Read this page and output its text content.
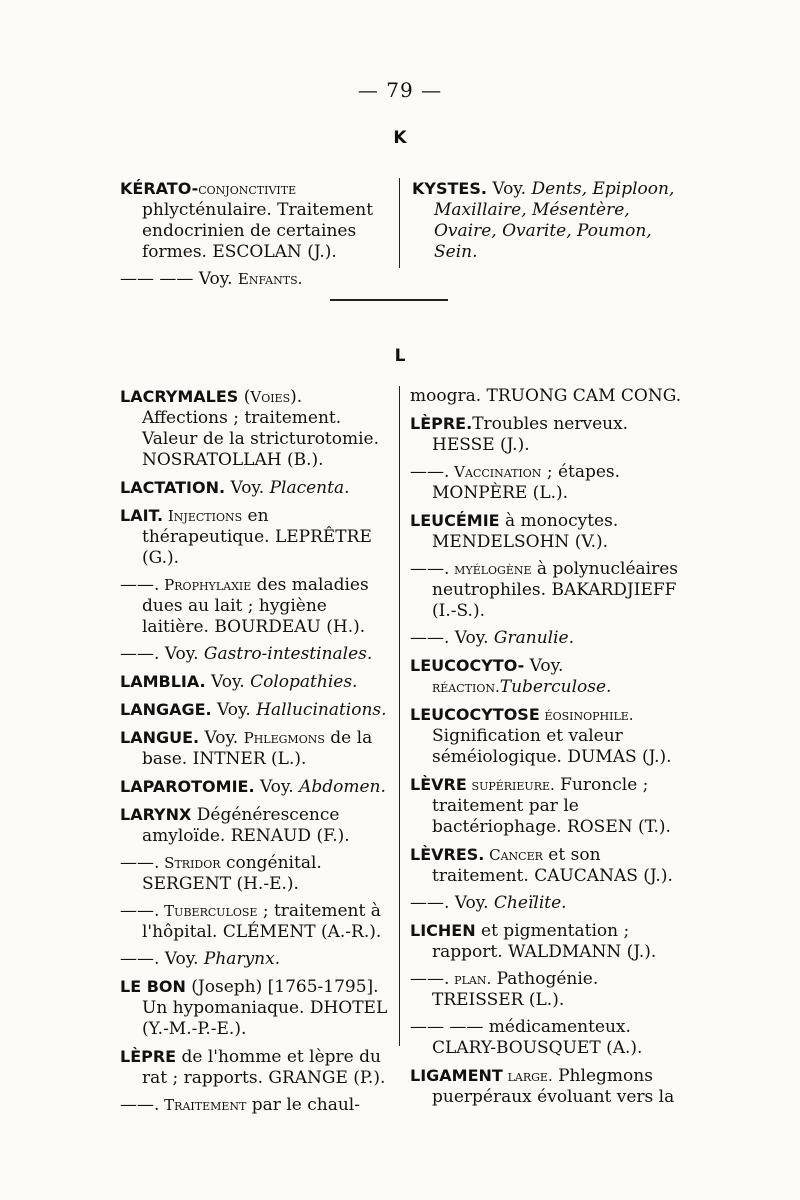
— 79 —
K

KÉRATO-conjonctivite phlycténulaire. Traitement endocrinien de certaines formes. ESCOLAN (J.).

—— —— Voy. Enfants.

KYSTES. Voy. Dents, Epiploon, Maxillaire, Mésentère, Ovaire, Ovarite, Poumon, Sein.

L

LACRYMALES (Voies). Affections ; traitement. Valeur de la stricturotomie. NOSRATOLLAH (B.).

LACTATION. Voy. Placenta.

LAIT. Injections en thérapeutique. LEPRÊTRE (G.).

——. Prophylaxie des maladies dues au lait ; hygiène laitière. BOURDEAU (H.).

——. Voy. Gastro-intestinales.

LAMBLIA. Voy. Colopathies.

LANGAGE. Voy. Hallucinations.

LANGUE. Voy. Phlegmons de la base. INTNER (L.).

LAPAROTOMIE. Voy. Abdomen.

LARYNX Dégénérescence amyloïde. RENAUD (F.).

——. Stridor congénital. SERGENT (H.-E.).

——. Tuberculose ; traitement à l'hôpital. CLÉMENT (A.-R.).

——. Voy. Pharynx.

LE BON (Joseph) [1765-1795]. Un hypomaniaque. DHOTEL (Y.-M.-P.-E.).

LÈPRE de l'homme et lèpre du rat ; rapports. GRANGE (P.).

——. Traitement par le chaul-

moogra. TRUONG CAM CONG.

LÈPRE.Troubles nerveux. HESSE (J.).

——. Vaccination ; étapes. MONPÈRE (L.).

LEUCÉMIE à monocytes. MENDELSOHN (V.).

——. myélogène à polynucléaires neutrophiles. BAKARDJIEFF (I.-S.).

——. Voy. Granulie.

LEUCOCYTO- Voy. réaction.Tuberculose.

LEUCOCYTOSE éosinophile. Signification et valeur séméiologique. DUMAS (J.).

LÈVRE supérieure. Furoncle ; traitement par le bactériophage. ROSEN (T.).

LÈVRES. Cancer et son traitement. CAUCANAS (J.).

——. Voy. Cheïlite.

LICHEN et pigmentation ; rapport. WALDMANN (J.).

——. plan. Pathogénie. TREISSER (L.).

—— —— médicamenteux. CLARY-BOUSQUET (A.).

LIGAMENT large. Phlegmons puerpéraux évoluant vers la
